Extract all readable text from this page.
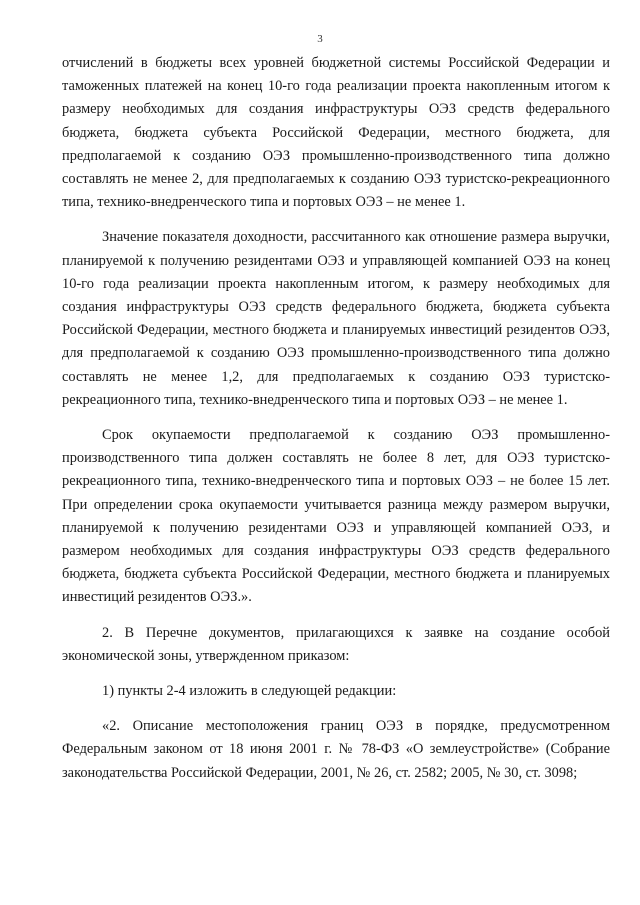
3

отчислений в бюджеты всех уровней бюджетной системы Российской Федерации и таможенных платежей на конец 10-го года реализации проекта накопленным итогом к размеру необходимых для создания инфраструктуры ОЭЗ средств федерального бюджета, бюджета субъекта Российской Федерации, местного бюджета, для предполагаемой к созданию ОЭЗ промышленно-производственного типа должно составлять не менее 2, для предполагаемых к созданию ОЭЗ туристско-рекреационного типа, технико-внедренческого типа и портовых ОЭЗ – не менее 1.

Значение показателя доходности, рассчитанного как отношение размера выручки, планируемой к получению резидентами ОЭЗ и управляющей компанией ОЭЗ на конец 10-го года реализации проекта накопленным итогом, к размеру необходимых для создания инфраструктуры ОЭЗ средств федерального бюджета, бюджета субъекта Российской Федерации, местного бюджета и планируемых инвестиций резидентов ОЭЗ, для предполагаемой к созданию ОЭЗ промышленно-производственного типа должно составлять не менее 1,2, для предполагаемых к созданию ОЭЗ туристско-рекреационного типа, технико-внедренческого типа и портовых ОЭЗ – не менее 1.

Срок окупаемости предполагаемой к созданию ОЭЗ промышленно-производственного типа должен составлять не более 8 лет, для ОЭЗ туристско-рекреационного типа, технико-внедренческого типа и портовых ОЭЗ – не более 15 лет. При определении срока окупаемости учитывается разница между размером выручки, планируемой к получению резидентами ОЭЗ и управляющей компанией ОЭЗ, и размером необходимых для создания инфраструктуры ОЭЗ средств федерального бюджета, бюджета субъекта Российской Федерации, местного бюджета и планируемых инвестиций резидентов ОЭЗ.».

2. В Перечне документов, прилагающихся к заявке на создание особой экономической зоны, утвержденном приказом:

1) пункты 2-4 изложить в следующей редакции:

«2. Описание местоположения границ ОЭЗ в порядке, предусмотренном Федеральным законом от 18 июня 2001 г. № 78-ФЗ «О землеустройстве» (Собрание законодательства Российской Федерации, 2001, № 26, ст. 2582; 2005, № 30, ст. 3098;
